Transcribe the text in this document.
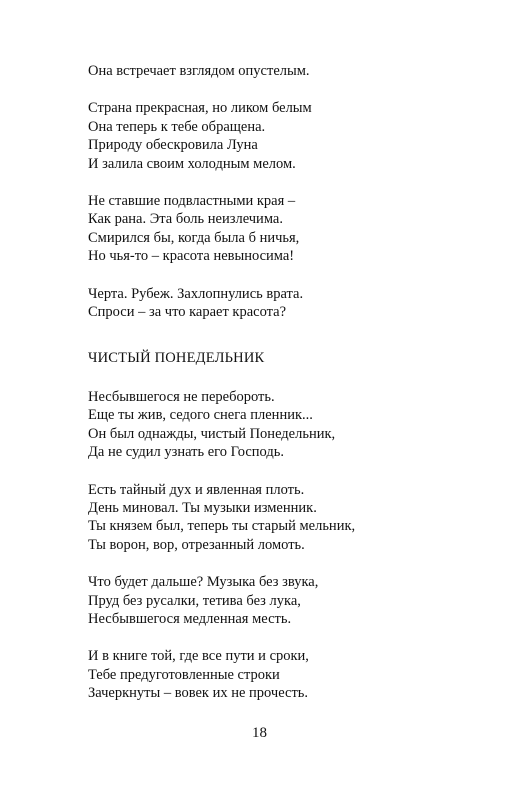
Она встречает взглядом опустелым.
Страна прекрасная, но ликом белым
Она теперь к тебе обращена.
Природу обескровила Луна
И залила своим холодным мелом.
Не ставшие подвластными края –
Как рана. Эта боль неизлечима.
Смирился бы, когда была б ничья,
Но чья-то – красота невыносима!
Черта. Рубеж. Захлопнулись врата.
Спроси – за что карает красота?
ЧИСТЫЙ ПОНЕДЕЛЬНИК
Несбывшегося не перебороть.
Еще ты жив, седого снега пленник...
Он был однажды, чистый Понедельник,
Да не судил узнать его Господь.
Есть тайный дух и явленная плоть.
День миновал. Ты музыки изменник.
Ты князем был, теперь ты старый мельник,
Ты ворон, вор, отрезанный ломоть.
Что будет дальше? Музыка без звука,
Пруд без русалки, тетива без лука,
Несбывшегося медленная месть.
И в книге той, где все пути и сроки,
Тебе предуготовленные строки
Зачеркнуты – вовек их не прочесть.
18
